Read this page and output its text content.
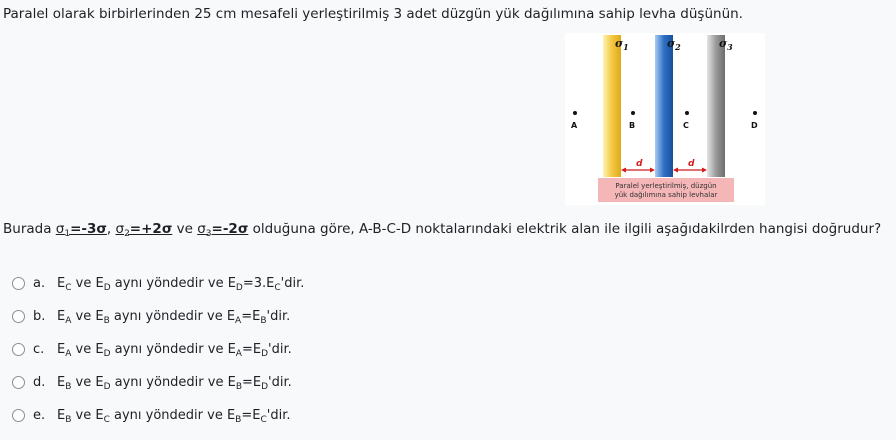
Paralel olarak birbirlerinden 25 cm mesafeli yerleştirilmiş 3 adet düzgün yük dağılımına sahip levha düşünün.
$\sigma_1$	$\sigma_2$	$\sigma_3$
A	B	C	D
d	d
Paralel yerleştirilmiş, düzgün
yük dağılımına sahip levhalar
Burada $\sigma_1=-3\sigma$, $\sigma_2=+2\sigma$ ve $\sigma_3=-2\sigma$ olduğuna göre, A-B-C-D noktalarındaki elektrik alan ile ilgili aşağıdakilrden hangisi doğrudur?
a. $E_C$ ve $E_D$ aynı yöndedir ve $E_D=3.E_C'dir$.
b. $E_A$ ve $E_B$ aynı yöndedir ve $E_A=E_B'dir$.
c. $E_A$ ve $E_D$ aynı yöndedir ve $E_A=E_D'dir$.
d. $E_B$ ve $E_D$ aynı yöndedir ve $E_B=E_D'dir$.
e. $E_B$ ve $E_C$ aynı yöndedir ve $E_B=E_C'dir$.
